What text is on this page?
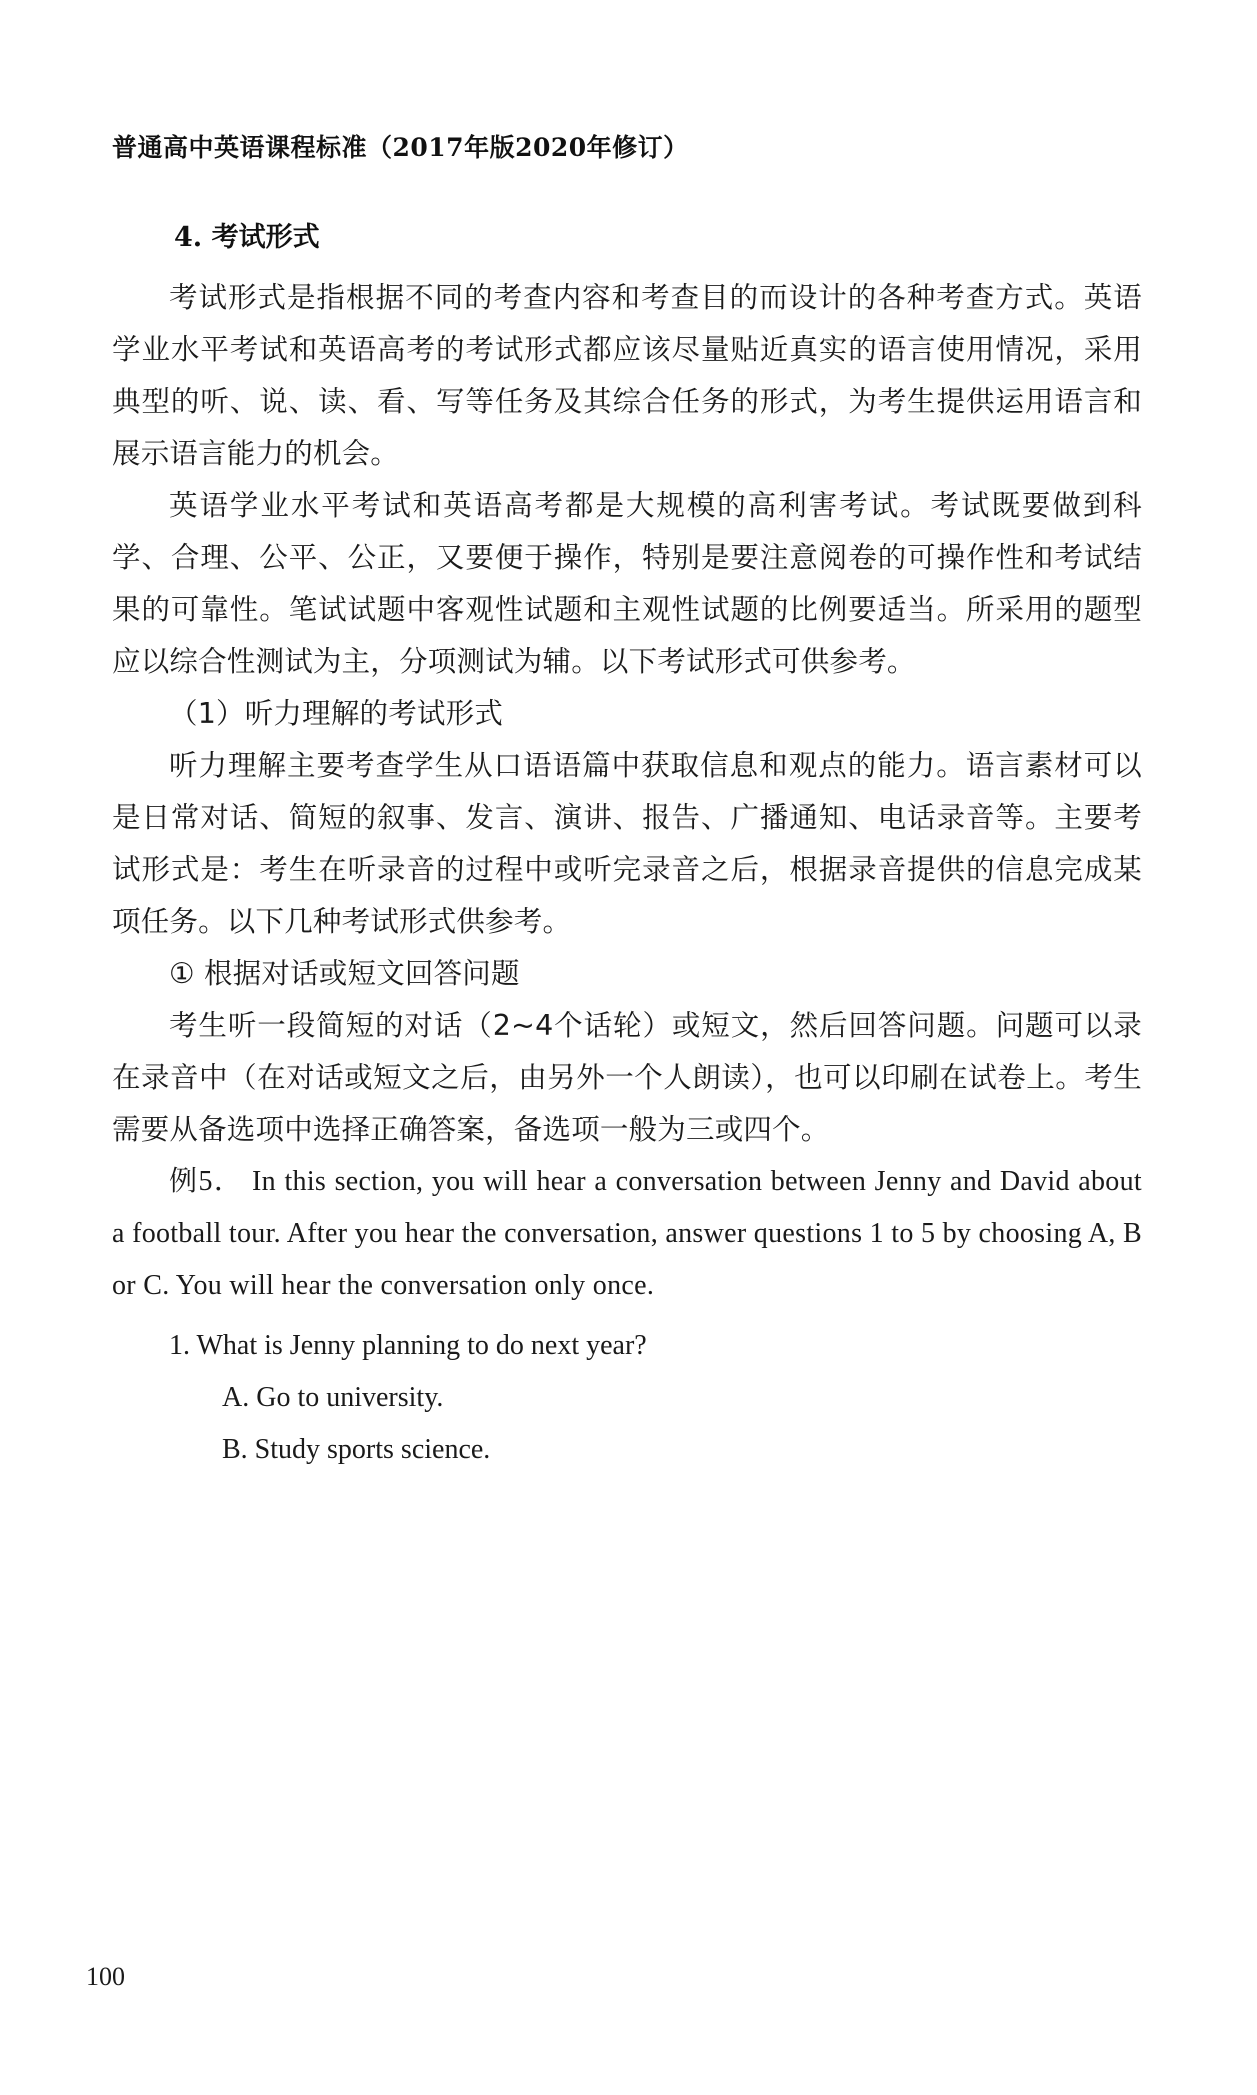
普通高中英语课程标准（2017年版2020年修订）
4. 考试形式

考试形式是指根据不同的考查内容和考查目的而设计的各种考查方式。英语学业水平考试和英语高考的考试形式都应该尽量贴近真实的语言使用情况，采用典型的听、说、读、看、写等任务及其综合任务的形式，为考生提供运用语言和展示语言能力的机会。

英语学业水平考试和英语高考都是大规模的高利害考试。考试既要做到科学、合理、公平、公正，又要便于操作，特别是要注意阅卷的可操作性和考试结果的可靠性。笔试试题中客观性试题和主观性试题的比例要适当。所采用的题型应以综合性测试为主，分项测试为辅。以下考试形式可供参考。

（1）听力理解的考试形式

听力理解主要考查学生从口语语篇中获取信息和观点的能力。语言素材可以是日常对话、简短的叙事、发言、演讲、报告、广播通知、电话录音等。主要考试形式是：考生在听录音的过程中或听完录音之后，根据录音提供的信息完成某项任务。以下几种考试形式供参考。

① 根据对话或短文回答问题

考生听一段简短的对话（2~4个话轮）或短文，然后回答问题。问题可以录在录音中（在对话或短文之后，由另外一个人朗读），也可以印刷在试卷上。考生需要从备选项中选择正确答案，备选项一般为三或四个。

例5． In this section, you will hear a conversation between Jenny and David about a football tour. After you hear the conversation, answer questions 1 to 5 by choosing A, B or C. You will hear the conversation only once.

1. What is Jenny planning to do next year?

A. Go to university.

B. Study sports science.

100
